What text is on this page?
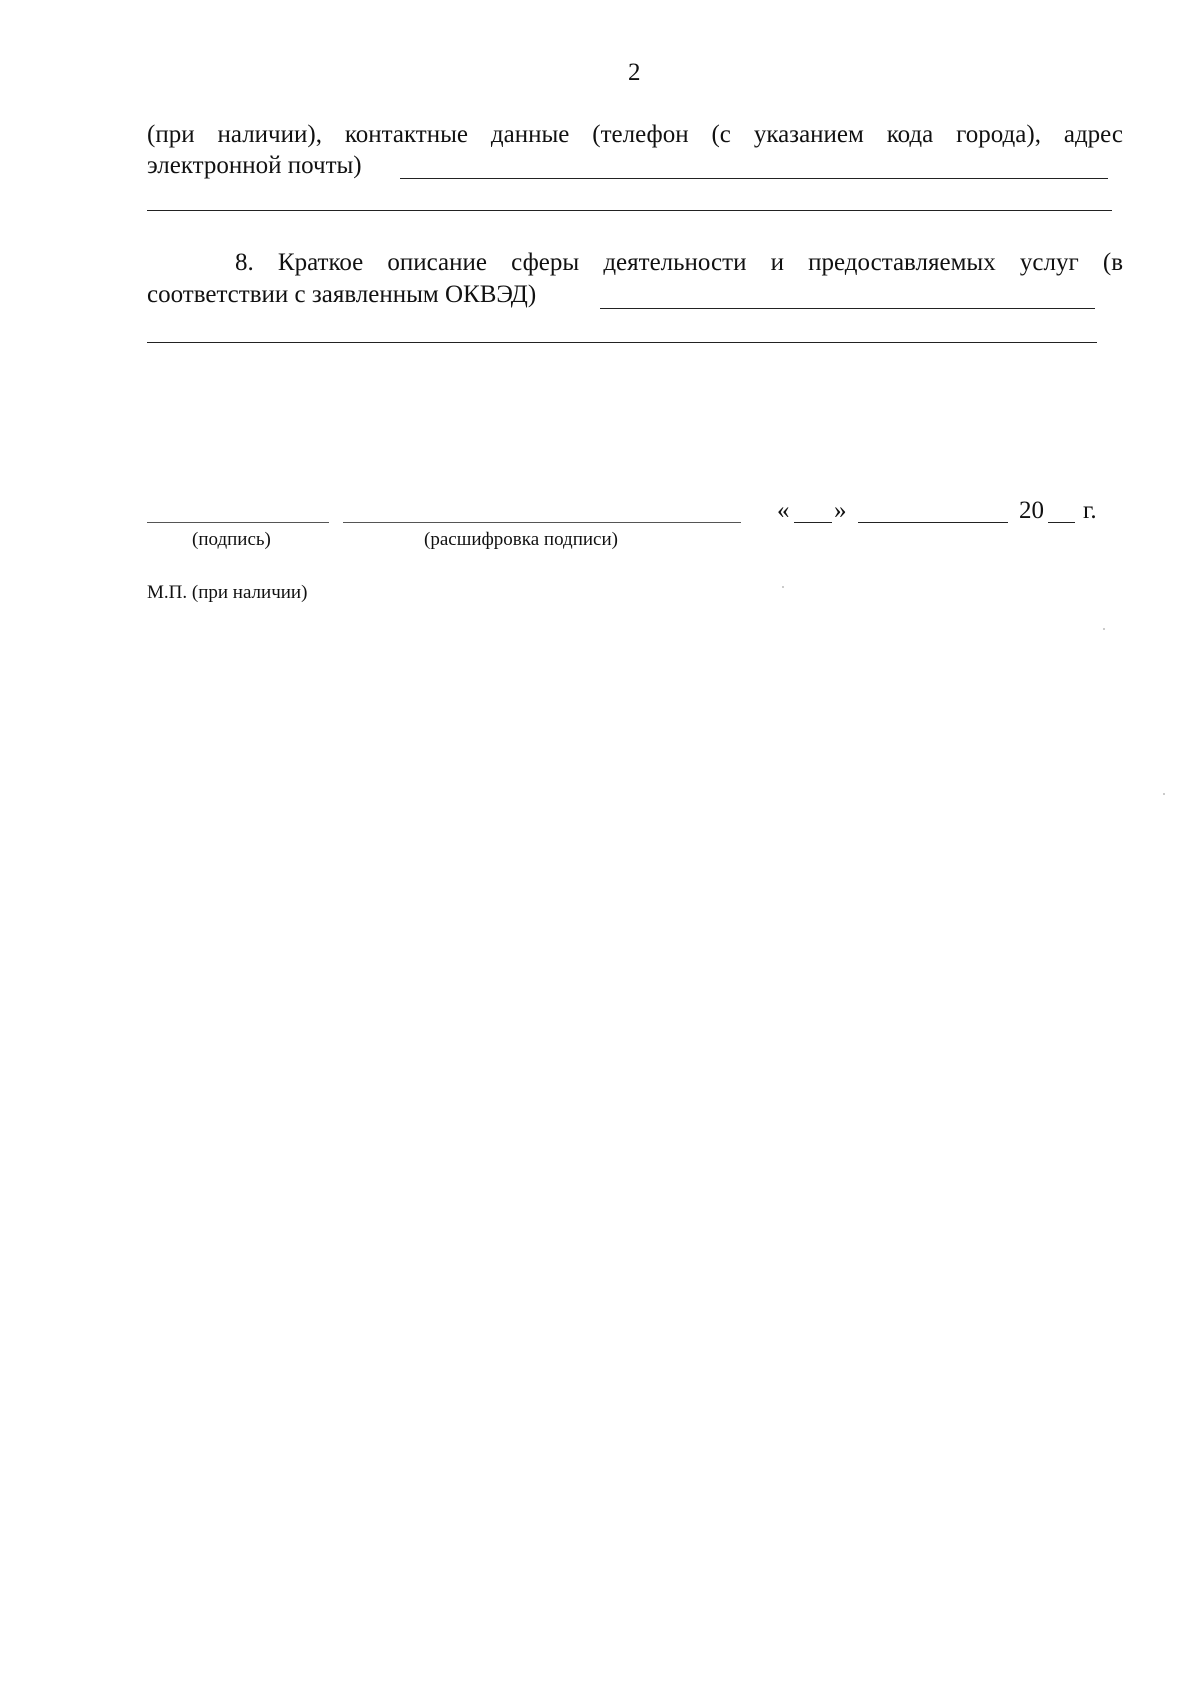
2
(при наличии), контактные данные (телефон (с указанием кода города), адрес
электронной почты)
8. Краткое описание сферы деятельности и предоставляемых услуг (в
соответствии с заявленным ОКВЭД)
« »	20 г.
(подпись)	(расшифровка подписи)
М.П. (при наличии)
